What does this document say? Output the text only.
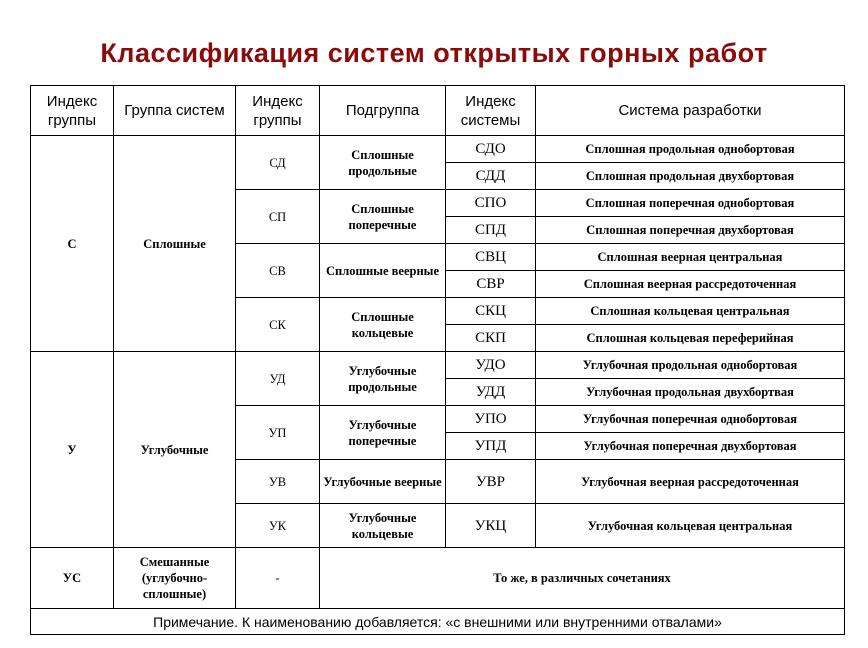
Классификация систем открытых горных работ
Индекс группы	Группа систем	Индекс группы	Подгруппа	Индекс системы	Система разработки
С	Сплошные	СД	Сплошные продольные	СДО	Сплошная продольная однобортовая
				СДД	Сплошная продольная двухбортовая
		СП	Сплошные поперечные	СПО	Сплошная поперечная однобортовая
				СПД	Сплошная поперечная двухбортовая
		СВ	Сплошные веерные	СВЦ	Сплошная веерная центральная
				СВР	Сплошная веерная рассредоточенная
		СК	Сплошные кольцевые	СКЦ	Сплошная кольцевая центральная
				СКП	Сплошная кольцевая переферийная
У	Углубочные	УД	Углубочные продольные	УДО	Углубочная продольная однобортовая
				УДД	Углубочная продольная двухбортвая
		УП	Углубочные поперечные	УПО	Углубочная поперечная однобортовая
				УПД	Углубочная поперечная двухбортовая
		УВ	Углубочные веерные	УВР	Углубочная веерная рассредоточенная
		УК	Углубочные кольцевые	УКЦ	Углубочная кольцевая центральная
УС	Смешанные (углубочно-сплошные)	-	То же, в различных сочетаниях		
Примечание. К наименованию добавляется: «с внешними или внутренними отвалами»					
